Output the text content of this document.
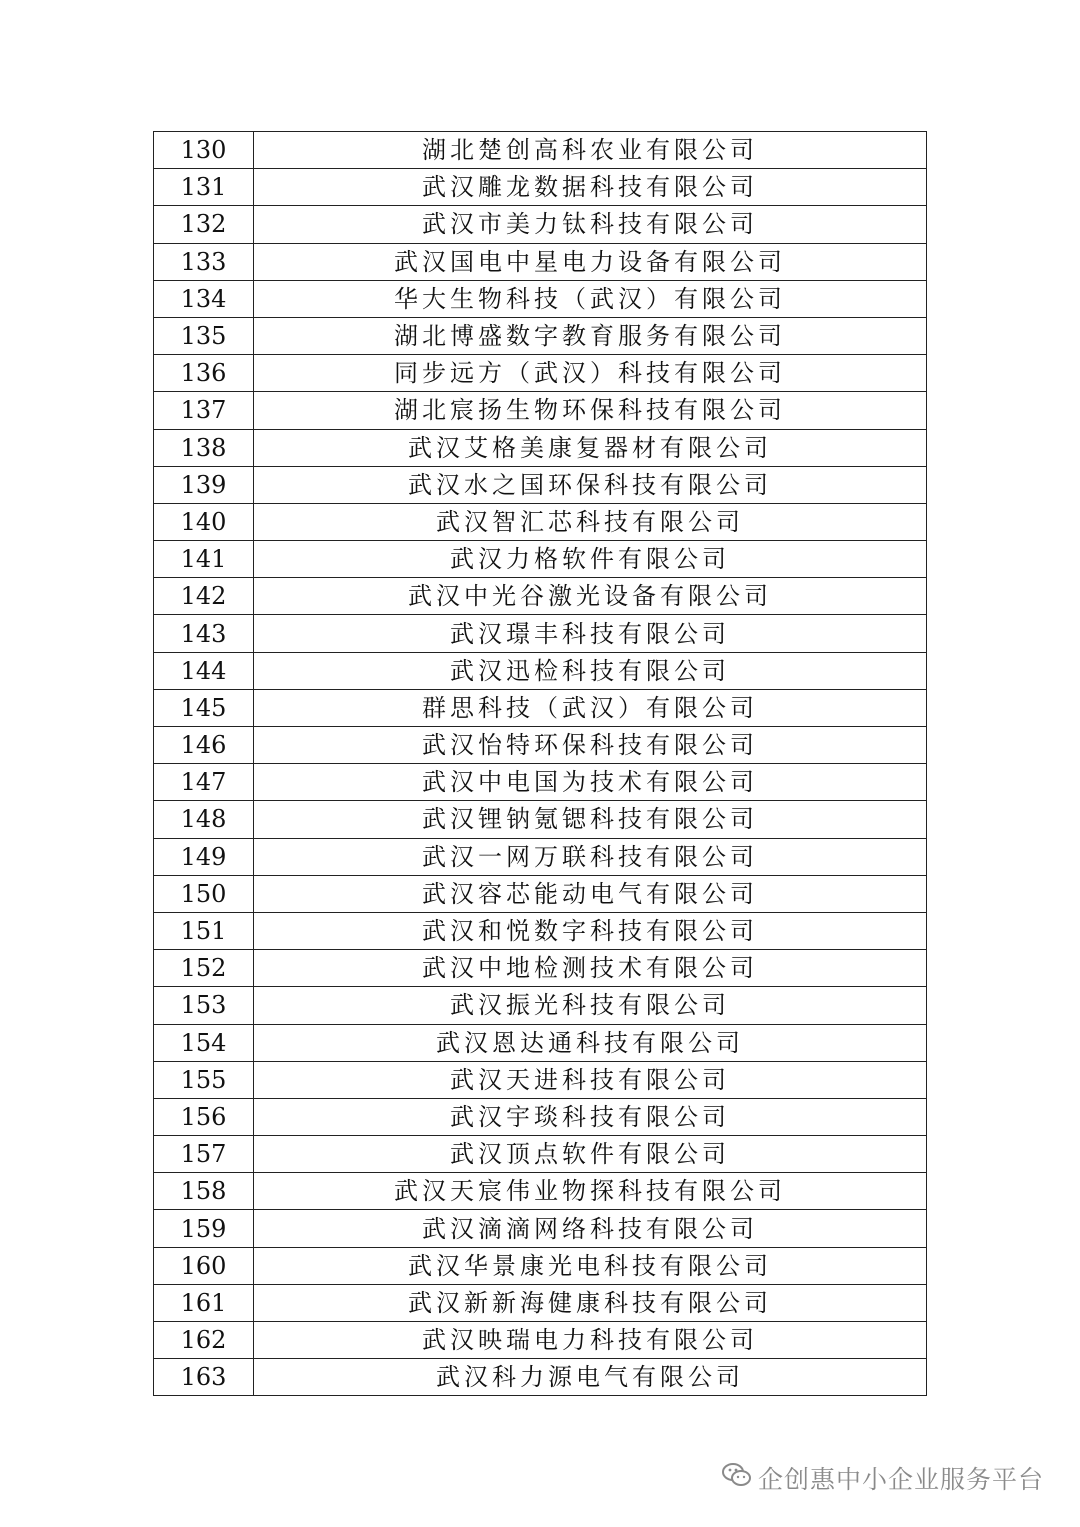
130	湖北楚创高科农业有限公司
131	武汉雕龙数据科技有限公司
132	武汉市美力钛科技有限公司
133	武汉国电中星电力设备有限公司
134	华大生物科技（武汉）有限公司
135	湖北博盛数字教育服务有限公司
136	同步远方（武汉）科技有限公司
137	湖北宸扬生物环保科技有限公司
138	武汉艾格美康复器材有限公司
139	武汉水之国环保科技有限公司
140	武汉智汇芯科技有限公司
141	武汉力格软件有限公司
142	武汉中光谷激光设备有限公司
143	武汉璟丰科技有限公司
144	武汉迅检科技有限公司
145	群思科技（武汉）有限公司
146	武汉怡特环保科技有限公司
147	武汉中电国为技术有限公司
148	武汉锂钠氪锶科技有限公司
149	武汉一网万联科技有限公司
150	武汉容芯能动电气有限公司
151	武汉和悦数字科技有限公司
152	武汉中地检测技术有限公司
153	武汉振光科技有限公司
154	武汉恩达通科技有限公司
155	武汉天进科技有限公司
156	武汉宇琰科技有限公司
157	武汉顶点软件有限公司
158	武汉天宸伟业物探科技有限公司
159	武汉滴滴网络科技有限公司
160	武汉华景康光电科技有限公司
161	武汉新新海健康科技有限公司
162	武汉映瑞电力科技有限公司
163	武汉科力源电气有限公司
企创惠中小企业服务平台
